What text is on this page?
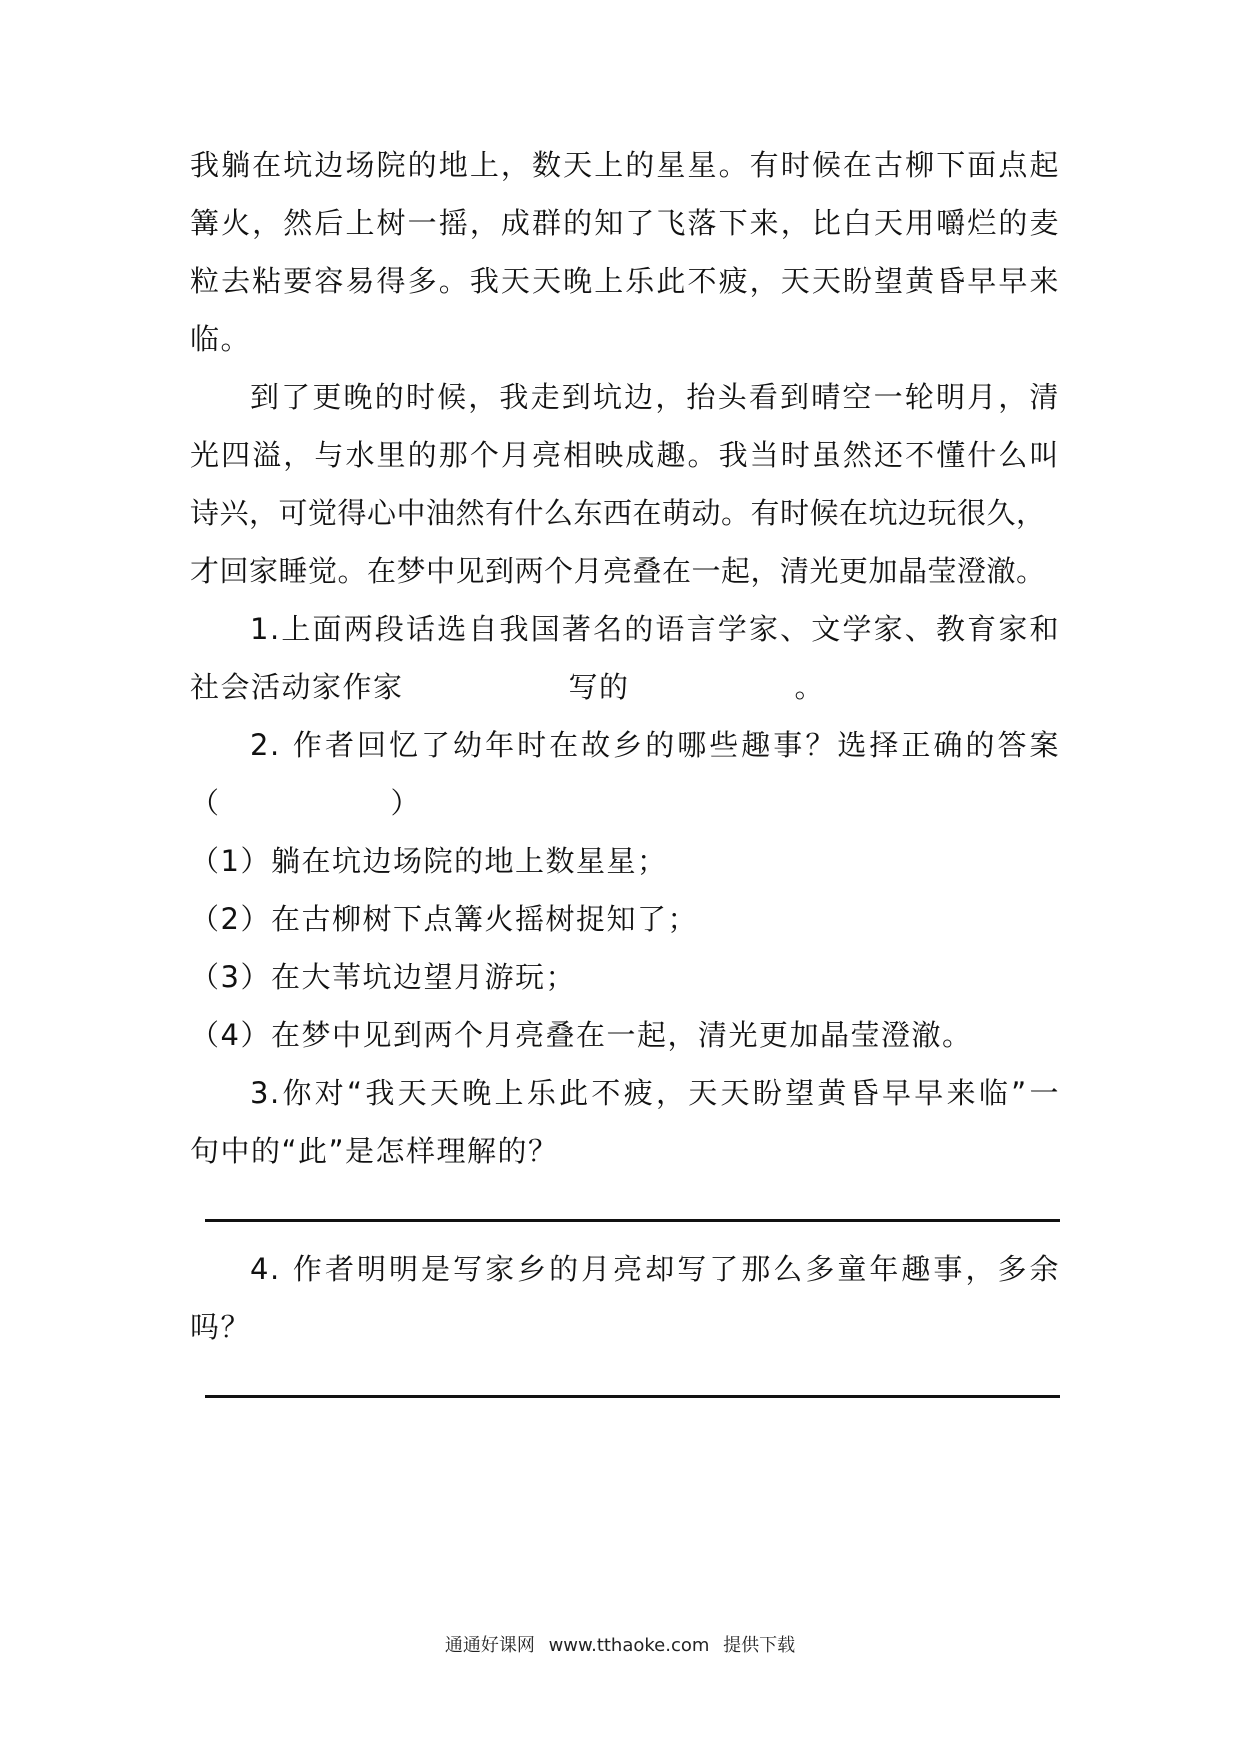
我躺在坑边场院的地上，数天上的星星。有时候在古柳下面点起
篝火，然后上树一摇，成群的知了飞落下来，比白天用嚼烂的麦
粒去粘要容易得多。我天天晚上乐此不疲，天天盼望黄昏早早来
临。
到了更晚的时候，我走到坑边，抬头看到晴空一轮明月，清
光四溢，与水里的那个月亮相映成趣。我当时虽然还不懂什么叫
诗兴，可觉得心中油然有什么东西在萌动。有时候在坑边玩很久，
才回家睡觉。在梦中见到两个月亮叠在一起，清光更加晶莹澄澈。
1.上面两段话选自我国著名的语言学家、文学家、教育家和
社会活动家作家	写的	。
2. 作者回忆了幼年时在故乡的哪些趣事？选择正确的答案
（	）
（1）躺在坑边场院的地上数星星；
（2）在古柳树下点篝火摇树捉知了；
（3）在大苇坑边望月游玩；
（4）在梦中见到两个月亮叠在一起，清光更加晶莹澄澈。
3.你对“我天天晚上乐此不疲，天天盼望黄昏早早来临”一
句中的“此”是怎样理解的？
4. 作者明明是写家乡的月亮却写了那么多童年趣事，多余
吗？
通通好课网 www.tthaoke.com 提供下载
